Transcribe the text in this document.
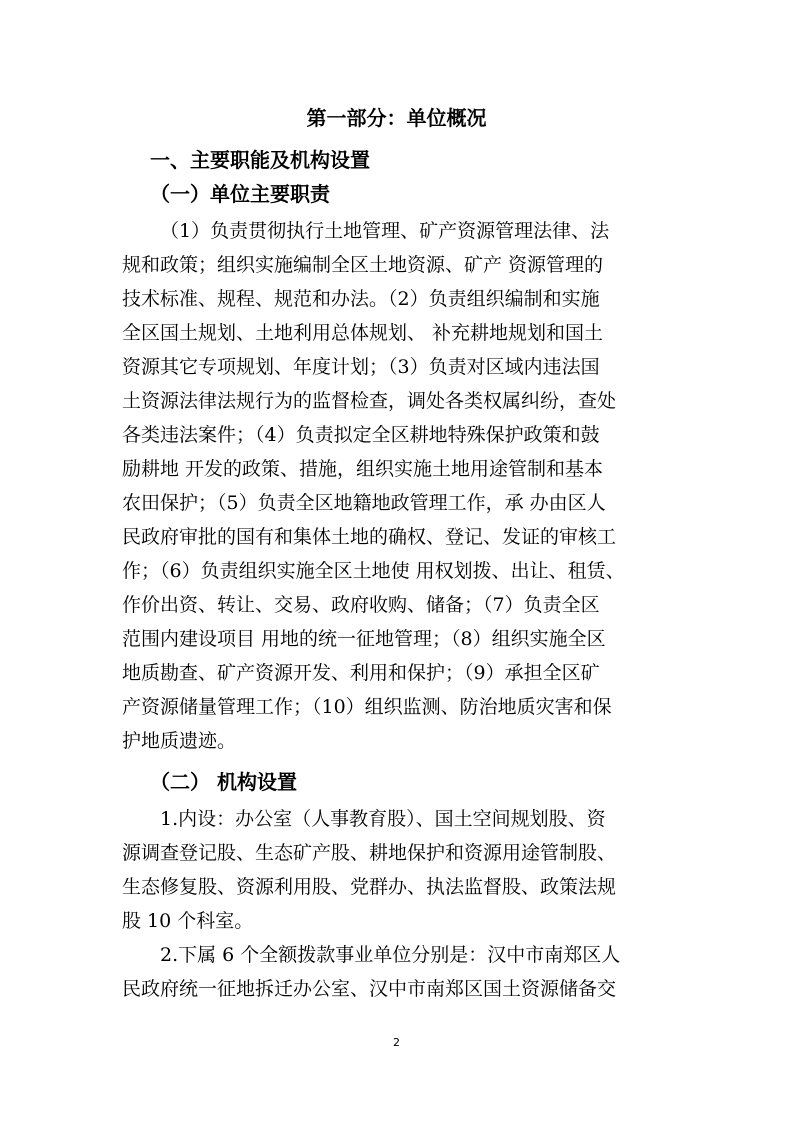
第一部分：单位概况
一、主要职能及机构设置
（一）单位主要职责
（1）负责贯彻执行土地管理、矿产资源管理法律、法
规和政策；组织实施编制全区土地资源、矿产 资源管理的
技术标准、规程、规范和办法。（2）负责组织编制和实施
全区国土规划、土地利用总体规划、 补充耕地规划和国土
资源其它专项规划、年度计划；（3）负责对区域内违法国
土资源法律法规行为的监督检查，调处各类权属纠纷，查处
各类违法案件；（4）负责拟定全区耕地特殊保护政策和鼓
励耕地 开发的政策、措施，组织实施土地用途管制和基本
农田保护；（5）负责全区地籍地政管理工作，承 办由区人
民政府审批的国有和集体土地的确权、登记、发证的审核工
作；（6）负责组织实施全区土地使 用权划拨、出让、租赁、
作价出资、转让、交易、政府收购、储备；（7）负责全区
范围内建设项目 用地的统一征地管理；（8）组织实施全区
地质勘查、矿产资源开发、利用和保护；（9）承担全区矿
产资源储量管理工作；（10）组织监测、防治地质灾害和保
护地质遗迹。
（二） 机构设置
1.内设：办公室（人事教育股）、国土空间规划股、资
源调查登记股、生态矿产股、耕地保护和资源用途管制股、
生态修复股、资源利用股、党群办、执法监督股、政策法规
股 10 个科室。
2.下属 6 个全额拨款事业单位分别是：汉中市南郑区人
民政府统一征地拆迁办公室、汉中市南郑区国土资源储备交
2
